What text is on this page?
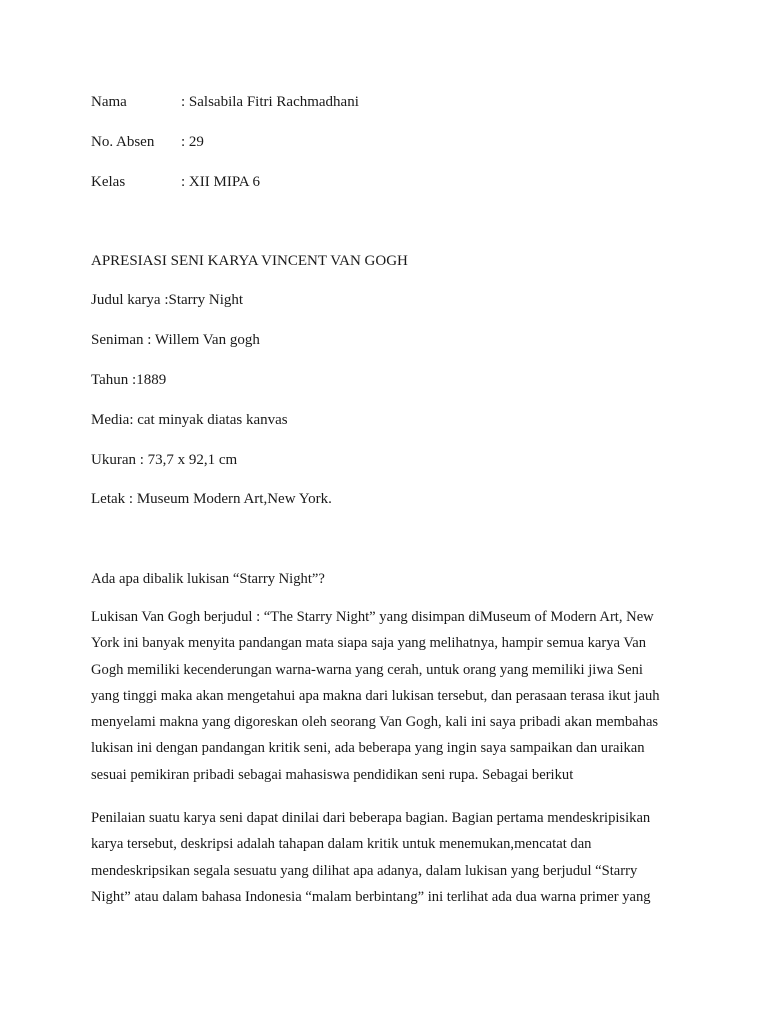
Nama	: Salsabila Fitri Rachmadhani
No. Absen : 29
Kelas	: XII MIPA 6
APRESIASI SENI KARYA VINCENT VAN GOGH
Judul karya :Starry Night
Seniman : Willem Van gogh
Tahun :1889
Media: cat minyak diatas kanvas
Ukuran : 73,7 x 92,1 cm
Letak : Museum Modern Art,New York.
Ada apa dibalik lukisan “Starry Night”?
Lukisan Van Gogh berjudul : “The Starry Night” yang disimpan diMuseum of Modern Art, New
York ini banyak menyita pandangan mata siapa saja yang melihatnya, hampir semua karya Van
Gogh memiliki kecenderungan warna-warna yang cerah, untuk orang yang memiliki jiwa Seni
yang tinggi maka akan mengetahui apa makna dari lukisan tersebut, dan perasaan terasa ikut jauh
menyelami makna yang digoreskan oleh seorang Van Gogh, kali ini saya pribadi akan membahas
lukisan ini dengan pandangan kritik seni, ada beberapa yang ingin saya sampaikan dan uraikan
sesuai pemikiran pribadi sebagai mahasiswa pendidikan seni rupa. Sebagai berikut
Penilaian suatu karya seni dapat dinilai dari beberapa bagian. Bagian pertama mendeskripisikan
karya tersebut, deskripsi adalah tahapan dalam kritik untuk menemukan,mencatat dan
mendeskripsikan segala sesuatu yang dilihat apa adanya, dalam lukisan yang berjudul “Starry
Night” atau dalam bahasa Indonesia “malam berbintang” ini terlihat ada dua warna primer yang
